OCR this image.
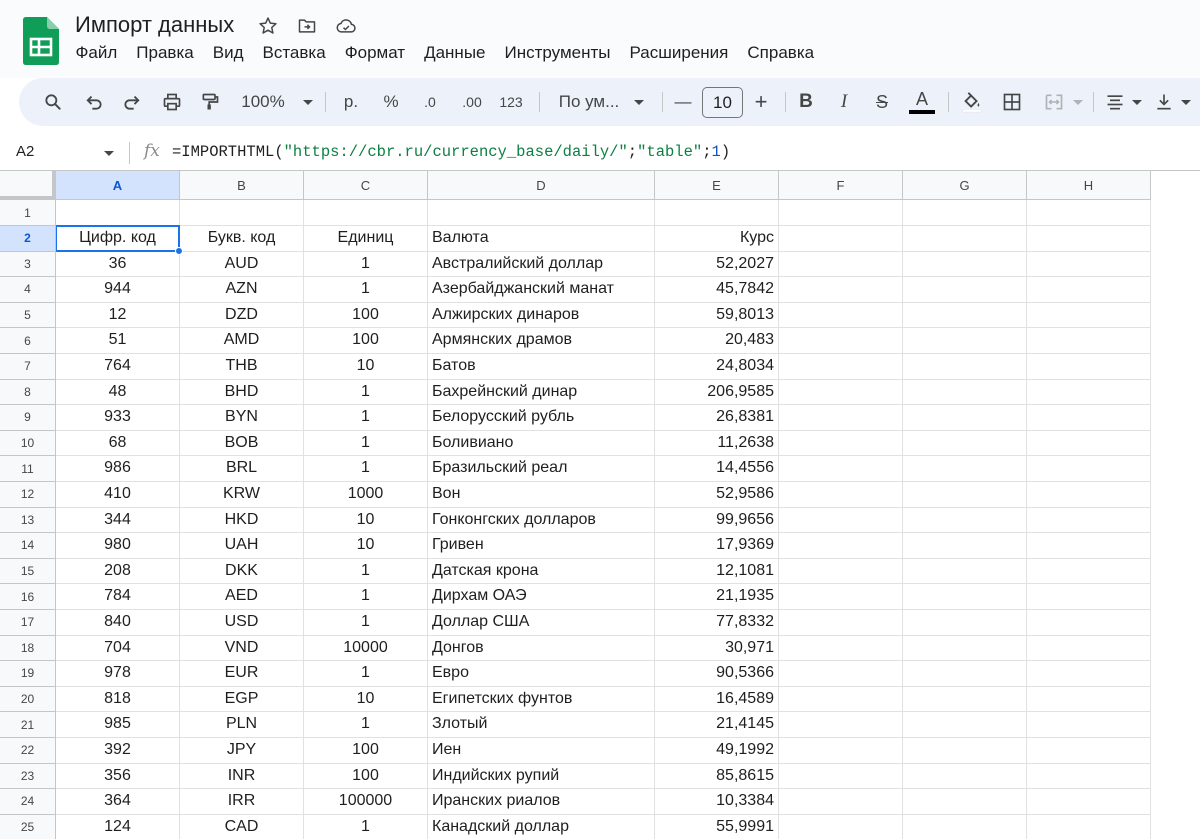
Импорт данных
Файл	Правка	Вид	Вставка	Формат	Данные	Инструменты	Расширения	Справка
100%	р.	%	.0 .00 123	По ум...	—	10	+	B	I	S	A
A2	fx =IMPORTHTML("https://cbr.ru/currency_base/daily/";"table";1)
A	B	C	D	E	F	G	H
1
2
3
4
5
6
7
8
9
10
11
12
13
14
15
16
17
18
19
20
21
22
23
24
25
Цифр. код	Букв. код	Единиц	Валюта	Курс
36	AUD	1	Австралийский доллар	52,2027
944	AZN	1	Азербайджанский манат	45,7842
12	DZD	100	Алжирских динаров	59,8013
51	AMD	100	Армянских драмов	20,483
764	THB	10	Батов	24,8034
48	BHD	1	Бахрейнский динар	206,9585
933	BYN	1	Белорусский рубль	26,8381
68	BOB	1	Боливиано	11,2638
986	BRL	1	Бразильский реал	14,4556
410	KRW	1000	Вон	52,9586
344	HKD	10	Гонконгских долларов	99,9656
980	UAH	10	Гривен	17,9369
208	DKK	1	Датская крона	12,1081
784	AED	1	Дирхам ОАЭ	21,1935
840	USD	1	Доллар США	77,8332
704	VND	10000	Донгов	30,971
978	EUR	1	Евро	90,5366
818	EGP	10	Египетских фунтов	16,4589
985	PLN	1	Злотый	21,4145
392	JPY	100	Иен	49,1992
356	INR	100	Индийских рупий	85,8615
364	IRR	100000	Иранских риалов	10,3384
124	CAD	1	Канадский доллар	55,9991
